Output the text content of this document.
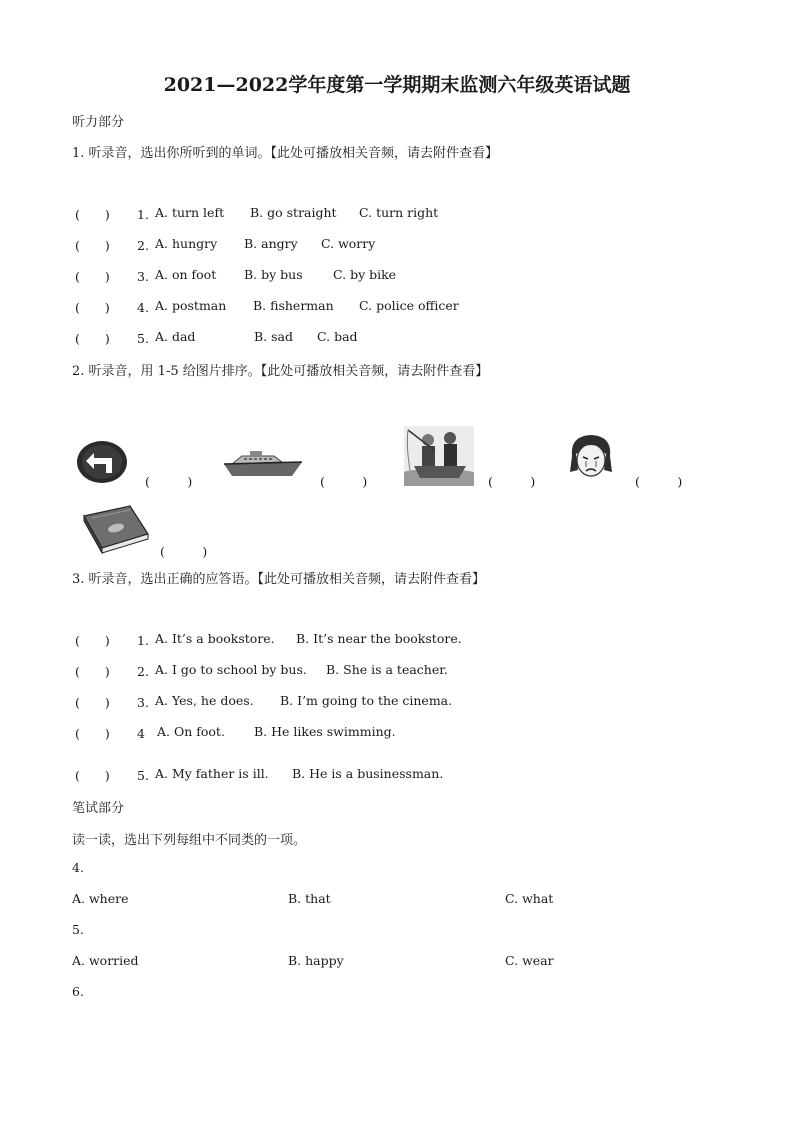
2021—2022学年度第一学期期末监测六年级英语试题
听力部分
1. 听录音，选出你所听到的单词。【此处可播放相关音频，请去附件查看】
(　　) 1. A. turn left B. go straight C. turn right
(　　) 2. A. hungry B. angry C. worry
(　　) 3. A. on foot B. by bus C. by bike
(　　) 4. A. postman B. fisherman C. police officer
(　　) 5. A. dad	B. sad C. bad
2. 听录音，用 1-5 给图片排序。【此处可播放相关音频，请去附件查看】
(　　　)	(　　　)	(　　　)	(　　　)
(　　　)
3. 听录音，选出正确的应答语。【此处可播放相关音频，请去附件查看】
(　　) 1. A. It’s a bookstore. B. It’s near the bookstore.
(　　) 2. A. I go to school by bus. B. She is a teacher.
(　　) 3. A. Yes, he does. B. I’m going to the cinema.
(　　) 4 A. On foot. B. He likes swimming.
(　　) 5. A. My father is ill. B. He is a businessman.
笔试部分
读一读，选出下列每组中不同类的一项。
4.
A. where	B. that	C. what
5.
A. worried	B. happy	C. wear
6.
